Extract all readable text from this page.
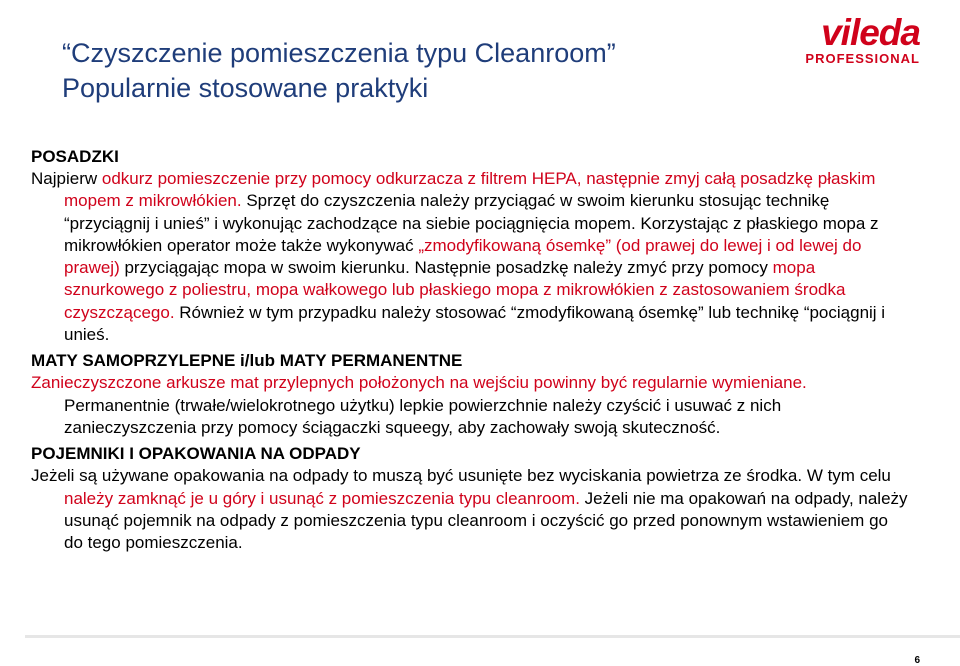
“Czyszczenie pomieszczenia typu Cleanroom”
Popularnie stosowane praktyki
vileda
PROFESSIONAL
POSADZKI
Najpierw odkurz pomieszczenie przy pomocy odkurzacza z filtrem HEPA, następnie zmyj całą posadzkę płaskim mopem z mikrowłókien. Sprzęt do czyszczenia należy przyciągać w swoim kierunku stosując technikę “przyciągnij i unieś” i wykonując zachodzące na siebie pociągnięcia mopem. Korzystając z płaskiego mopa z mikrowłókien operator może także wykonywać „zmodyfikowaną ósemkę” (od prawej do lewej i od lewej do prawej) przyciągając mopa w swoim kierunku. Następnie posadzkę należy zmyć przy pomocy mopa sznurkowego z poliestru, mopa wałkowego lub płaskiego mopa z mikrowłókien z zastosowaniem środka czyszczącego. Również w tym przypadku należy stosować “zmodyfikowaną ósemkę” lub technikę “pociągnij i unieś.
MATY SAMOPRZYLEPNE i/lub MATY PERMANENTNE
Zanieczyszczone arkusze mat przylepnych położonych na wejściu powinny być regularnie wymieniane. Permanentnie (trwałe/wielokrotnego użytku) lepkie powierzchnie należy czyścić i usuwać z nich zanieczyszczenia przy pomocy ściągaczki squeegy, aby zachowały swoją skuteczność.
POJEMNIKI I OPAKOWANIA NA ODPADY
Jeżeli są używane opakowania na odpady to muszą być usunięte bez wyciskania powietrza ze środka. W tym celu należy zamknąć je u góry i usunąć z pomieszczenia typu cleanroom. Jeżeli nie ma opakowań na odpady, należy usunąć pojemnik na odpady z pomieszczenia typu cleanroom i oczyścić go przed ponownym wstawieniem go do tego pomieszczenia.
6
